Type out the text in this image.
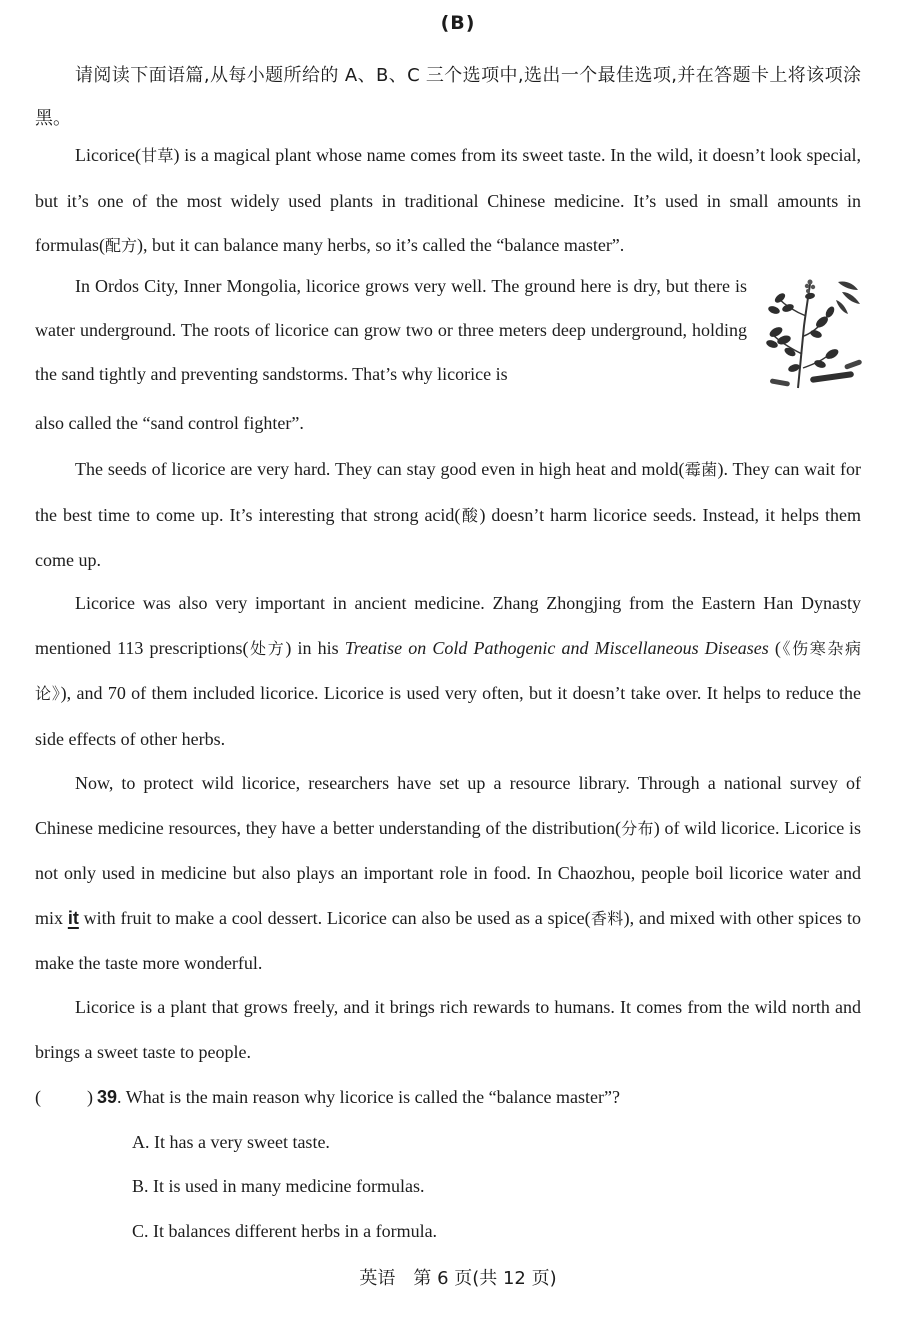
(B)

请阅读下面语篇,从每小题所给的 A、B、C 三个选项中,选出一个最佳选项,并在答题卡上将该项涂黑。

Licorice(甘草) is a magical plant whose name comes from its sweet taste. In the wild, it doesn’t look special, but it’s one of the most widely used plants in traditional Chinese medicine. It’s used in small amounts in formulas(配方), but it can balance many herbs, so it’s called the “balance master”.

In Ordos City, Inner Mongolia, licorice grows very well. The ground here is dry, but there is water underground. The roots of licorice can grow two or three meters deep underground, holding the sand tightly and preventing sandstorms. That’s why licorice is

also called the “sand control fighter”.

The seeds of licorice are very hard. They can stay good even in high heat and mold(霉菌). They can wait for the best time to come up. It’s interesting that strong acid(酸) doesn’t harm licorice seeds. Instead, it helps them come up.

Licorice was also very important in ancient medicine. Zhang Zhongjing from the Eastern Han Dynasty mentioned 113 prescriptions(处方) in his Treatise on Cold Pathogenic and Miscellaneous Diseases (《伤寒杂病论》), and 70 of them included licorice. Licorice is used very often, but it doesn’t take over. It helps to reduce the side effects of other herbs.

Now, to protect wild licorice, researchers have set up a resource library. Through a national survey of Chinese medicine resources, they have a better understanding of the distribution(分布) of wild licorice. Licorice is not only used in medicine but also plays an important role in food. In Chaozhou, people boil licorice water and mix it with fruit to make a cool dessert. Licorice can also be used as a spice(香料), and mixed with other spices to make the taste more wonderful.

Licorice is a plant that grows freely, and it brings rich rewards to humans. It comes from the wild north and brings a sweet taste to people.

(	) 39. What is the main reason why licorice is called the “balance master”?
A. It has a very sweet taste.
B. It is used in many medicine formulas.
C. It balances different herbs in a formula.
英语　第 6 页(共 12 页)
